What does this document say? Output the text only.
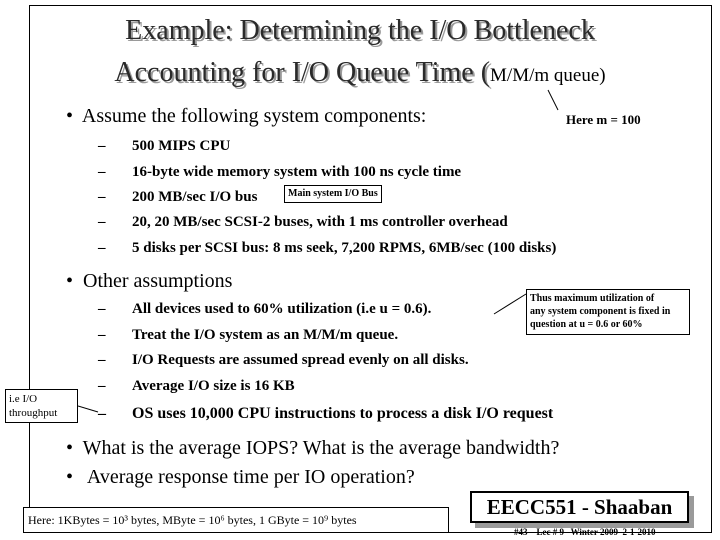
Example: Determining the I/O Bottleneck
Accounting for I/O Queue Time (M/M/m queue)
• Assume the following system components:	Here m = 100
– 500 MIPS CPU
– 16-byte wide memory system with 100 ns cycle time
– 200 MB/sec I/O bus	Main system I/O Bus
– 20, 20 MB/sec SCSI-2 buses, with 1 ms controller overhead
– 5 disks per SCSI bus: 8 ms seek, 7,200 RPMS, 6MB/sec (100 disks)
• Other assumptions
Thus maximum utilization of
any system component is fixed in
question at u = 0.6 or 60%
– All devices used to 60% utilization (i.e u = 0.6).
– Treat the I/O system as an M/M/m queue.
– I/O Requests are assumed spread evenly on all disks.
– Average I/O size is 16 KB
– OS uses 10,000 CPU instructions to process a disk I/O request
i.e I/O
throughput
• What is the average IOPS? What is the average bandwidth?
• Average response time per IO operation?
Here: 1KBytes = 10³ bytes, MByte = 10⁶ bytes, 1 GByte = 10⁹ bytes
EECC551 - Shaaban
#43 Lec # 9 Winter 2009 2-1-2010
